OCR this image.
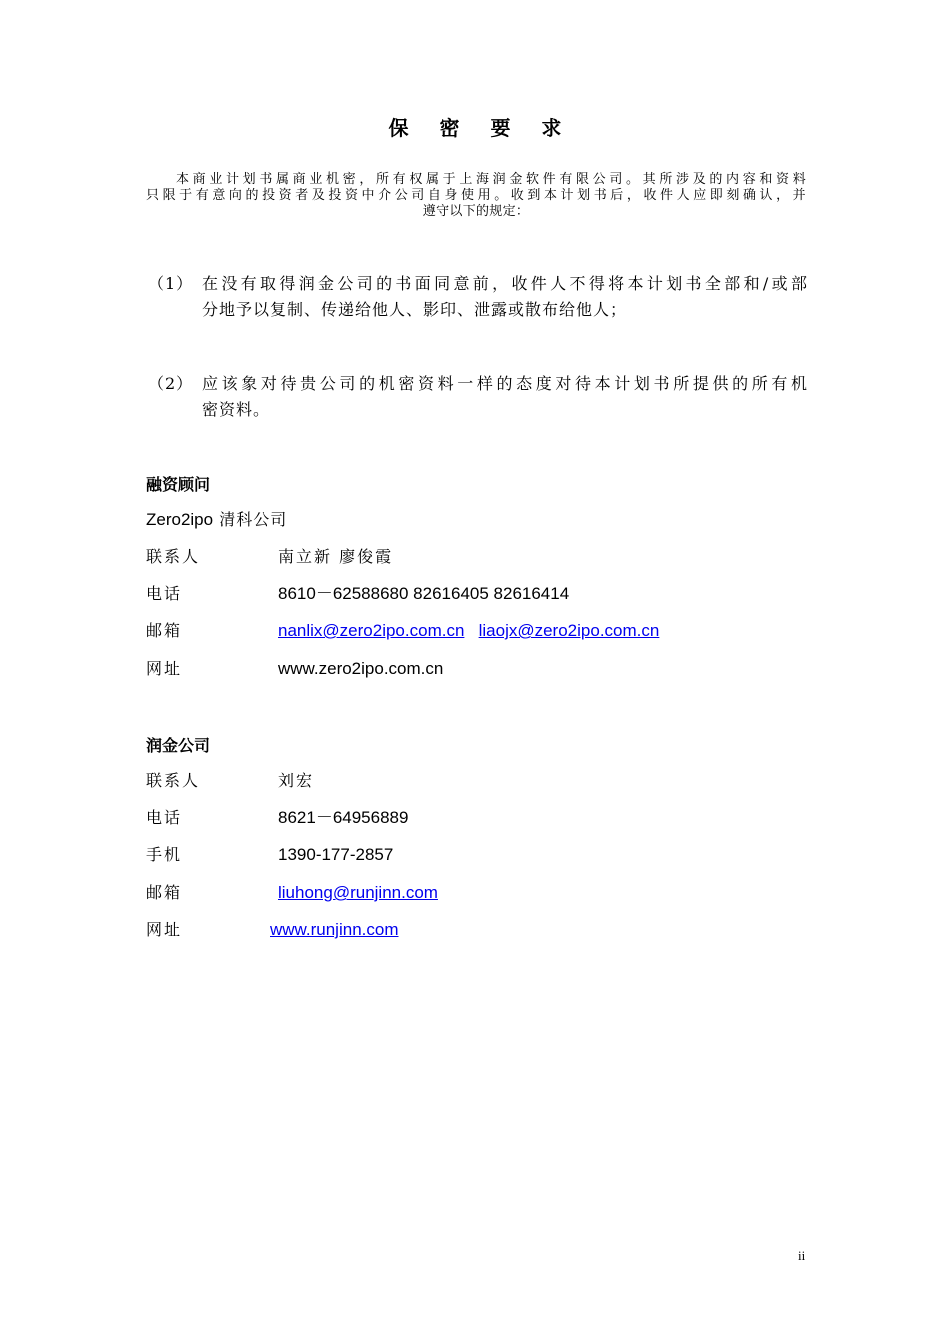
保 密 要 求
本商业计划书属商业机密，所有权属于上海润金软件有限公司。其所涉及的内容和资料
只限于有意向的投资者及投资中介公司自身使用。收到本计划书后，收件人应即刻确认，并
遵守以下的规定：
（1） 在没有取得润金公司的书面同意前，收件人不得将本计划书全部和/或部
分地予以复制、传递给他人、影印、泄露或散布给他人；
（2） 应该象对待贵公司的机密资料一样的态度对待本计划书所提供的所有机
密资料。
融资顾问
Zero2ipo 清科公司
联系人	南立新 廖俊霞
电话	8610－62588680 82616405 82616414
邮箱	nanlix@zero2ipo.com.cn liaojx@zero2ipo.com.cn
网址	www.zero2ipo.com.cn
润金公司
联系人	刘宏
电话	8621－64956889
手机	1390-177-2857
邮箱	liuhong@runjinn.com
网址	www.runjinn.com
ii
